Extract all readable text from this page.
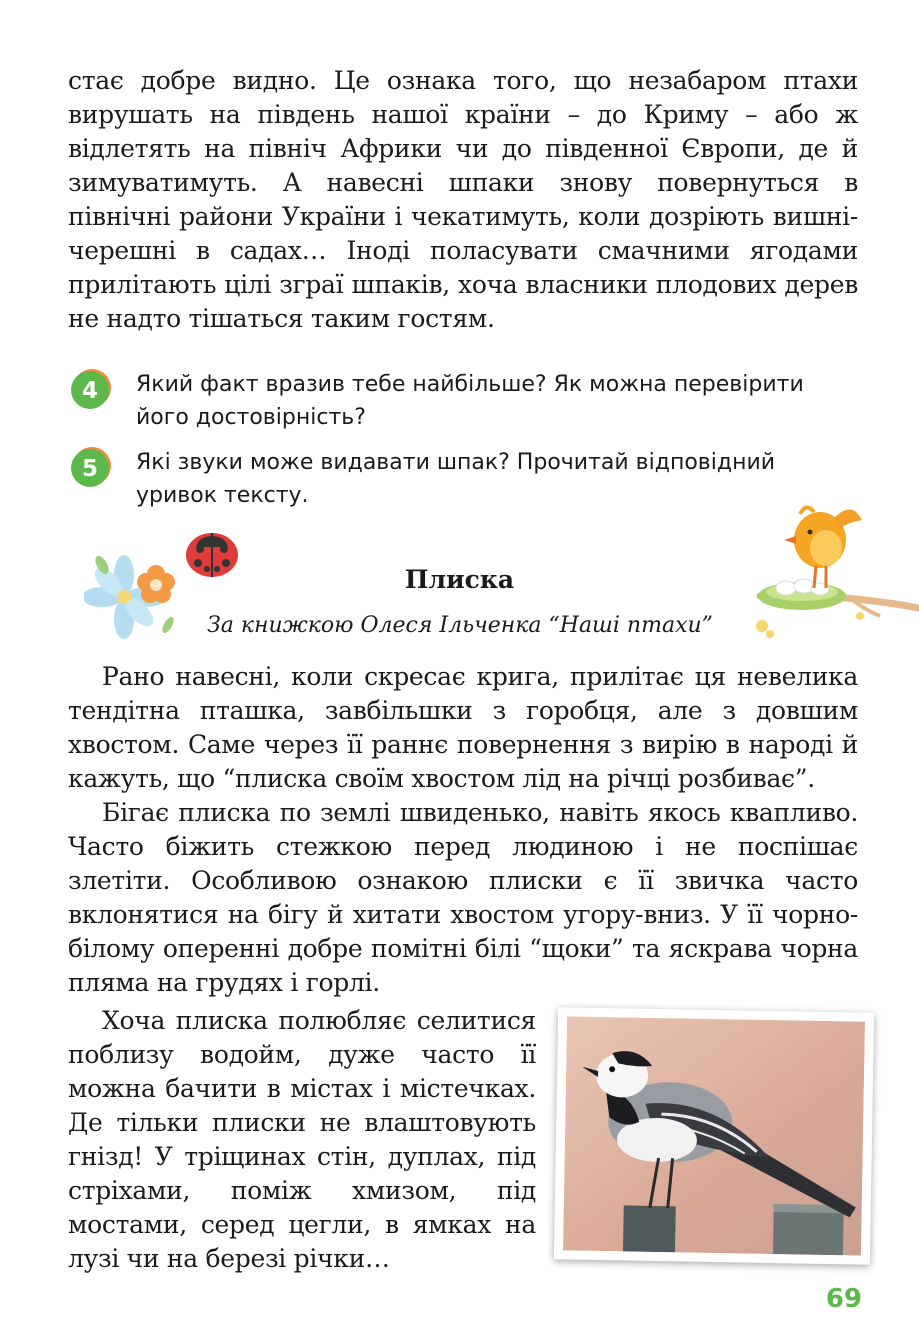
стає добре видно. Це ознака того, що незабаром птахи вирушать на південь нашої країни – до Криму – або ж відлетять на північ Африки чи до південної Європи, де й зимуватимуть. А навесні шпаки знову повернуться в північні райони України і чекатимуть, коли дозріють вишні-черешні в садах… Іноді поласувати смачними ягодами прилітають цілі зграї шпаків, хоча власники плодових дерев не надто тішаться таким гостям.

4 Який факт вразив тебе найбільше? Як можна перевірити його достовірність?
5 Які звуки може видавати шпак? Прочитай відповідний уривок тексту.
Плиска
За книжкою Олеся Ільченка “Наші птахи”

Рано навесні, коли скресає крига, прилітає ця невелика тендітна пташка, завбільшки з горобця, але з довшим хвостом. Саме через її раннє повернення з вирію в народі й кажуть, що “плиска своїм хвостом лід на річці розбиває”.

Бігає плиска по землі швиденько, навіть якось квапливо. Часто біжить стежкою перед людиною і не поспішає злетіти. Особливою ознакою плиски є її звичка часто вклонятися на бігу й хитати хвостом угору-вниз. У її чорно-білому оперенні добре помітні білі “щоки” та яскрава чорна пляма на грудях і горлі.

Хоча плиска полюбляє селитися поблизу водойм, дуже часто її можна бачити в містах і містечках. Де тільки плиски не влаштовують гнізд! У тріщинах стін, дуплах, під стріхами, поміж хмизом, під мостами, серед цегли, в ямках на лузі чи на березі річки…

69
